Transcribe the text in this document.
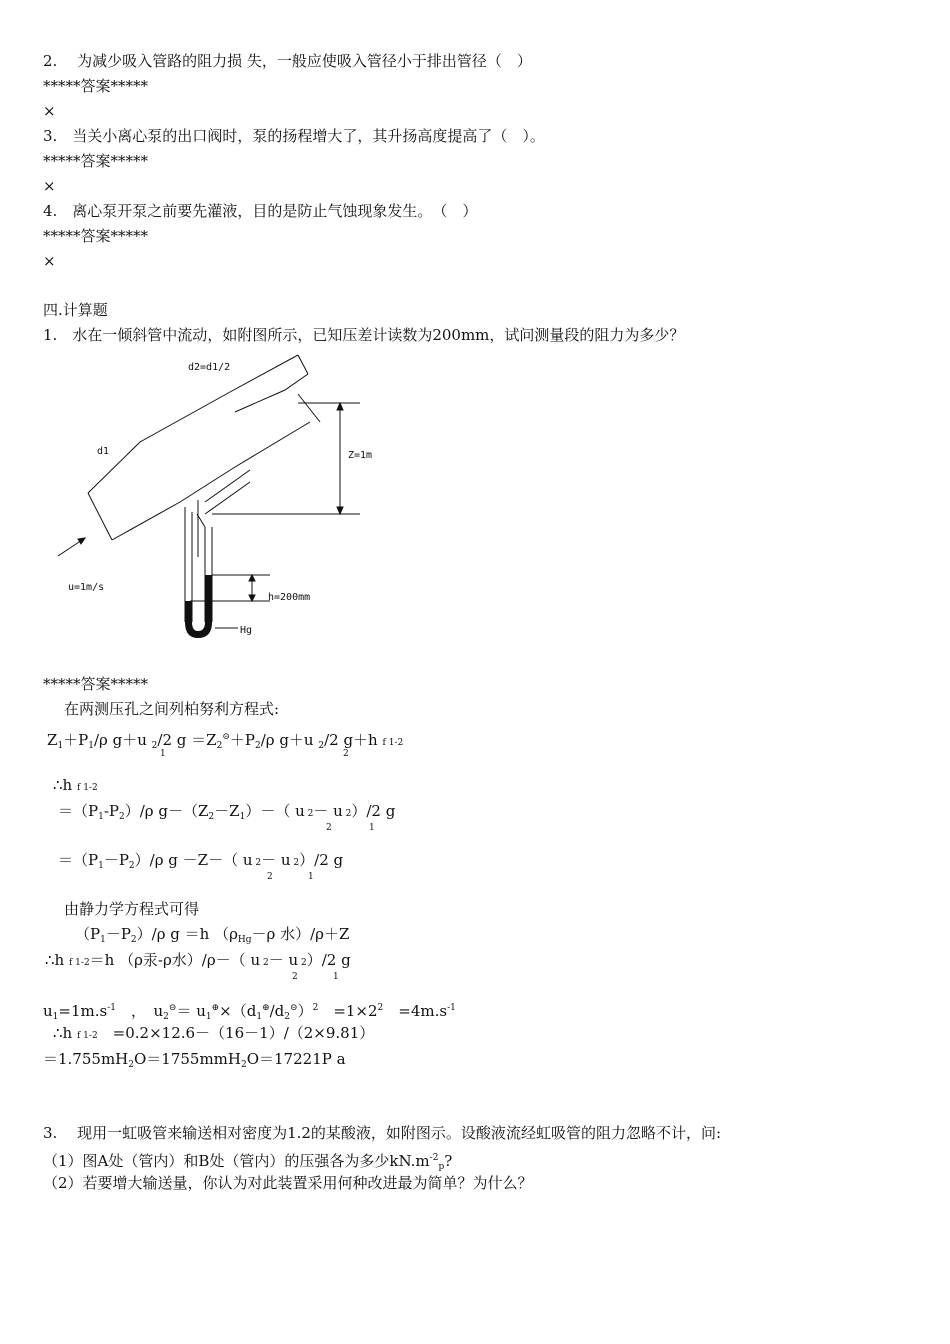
2.　 为减少吸入管路的阻力损 失，一般应使吸入管径小于排出管径（　）
*****答案*****
×
3.　当关小离心泵的出口阀时，泵的扬程增大了，其升扬高度提高了（　）。
*****答案*****
×
4.　离心泵开泵之前要先灌液，目的是防止气蚀现象发生。　（　）
*****答案*****
×
四.计算题
1.　水在一倾斜管中流动，如附图所示，已知压差计读数为200mm，试问测量段的阻力为多少？
d2=d1/2
d1	Z=1m
u=1m/s
h=200mm
Hg
*****答案*****
在两测压孔之间列柏努利方程式:
$Z_1+P_1/\rho$ g＋u $_2$/2 $g =Z_2^⊝+P_2/\rho$ g＋u $_2$/2 g＋h f 1-2
1	2
∴h f 1-2
$=(P_1-P_2)/\rho$ $g-(Z_2-Z_1)-$（ u 2－ u 2）/2 g
2	1
$=(P_1-P_2)/\rho$ g －Z－（ u 2－ u 2）/2 g
2	1
由静力学方程式可得
$(P_1-P_2)/\rho$ g ＝h （$\rho_{Hg}-\rho$ 水）/ρ＋Z
∴h f 1-2＝h （ρ汞-ρ水）/ρ－（ u 2－ u 2）/2 g
2	1
$u_1=1m.s^{-1}$　，　$u_2^⊝= u_1^\oplus\times(d_1^\oplus/d_2^⊝)^2$　$=1\times 2^2$　$=4m.s^{-1}$
∴h f 1-2　=0.2×12.6－（16－1）/（2×9.81）
$=1.755mH_2O=1755mmH_2O=17221P$ a
3.　 现用一虹吸管来输送相对密度为1.2的某酸液，如附图示。设酸液流经虹吸管的阻力忽略不计，问:
（1）图A处（管内）和B处（管内）的压强各为多少$kN.m^{-2}_p$?
（2）若要增大输送量，你认为对此装置采用何种改进最为简单？为什么？
